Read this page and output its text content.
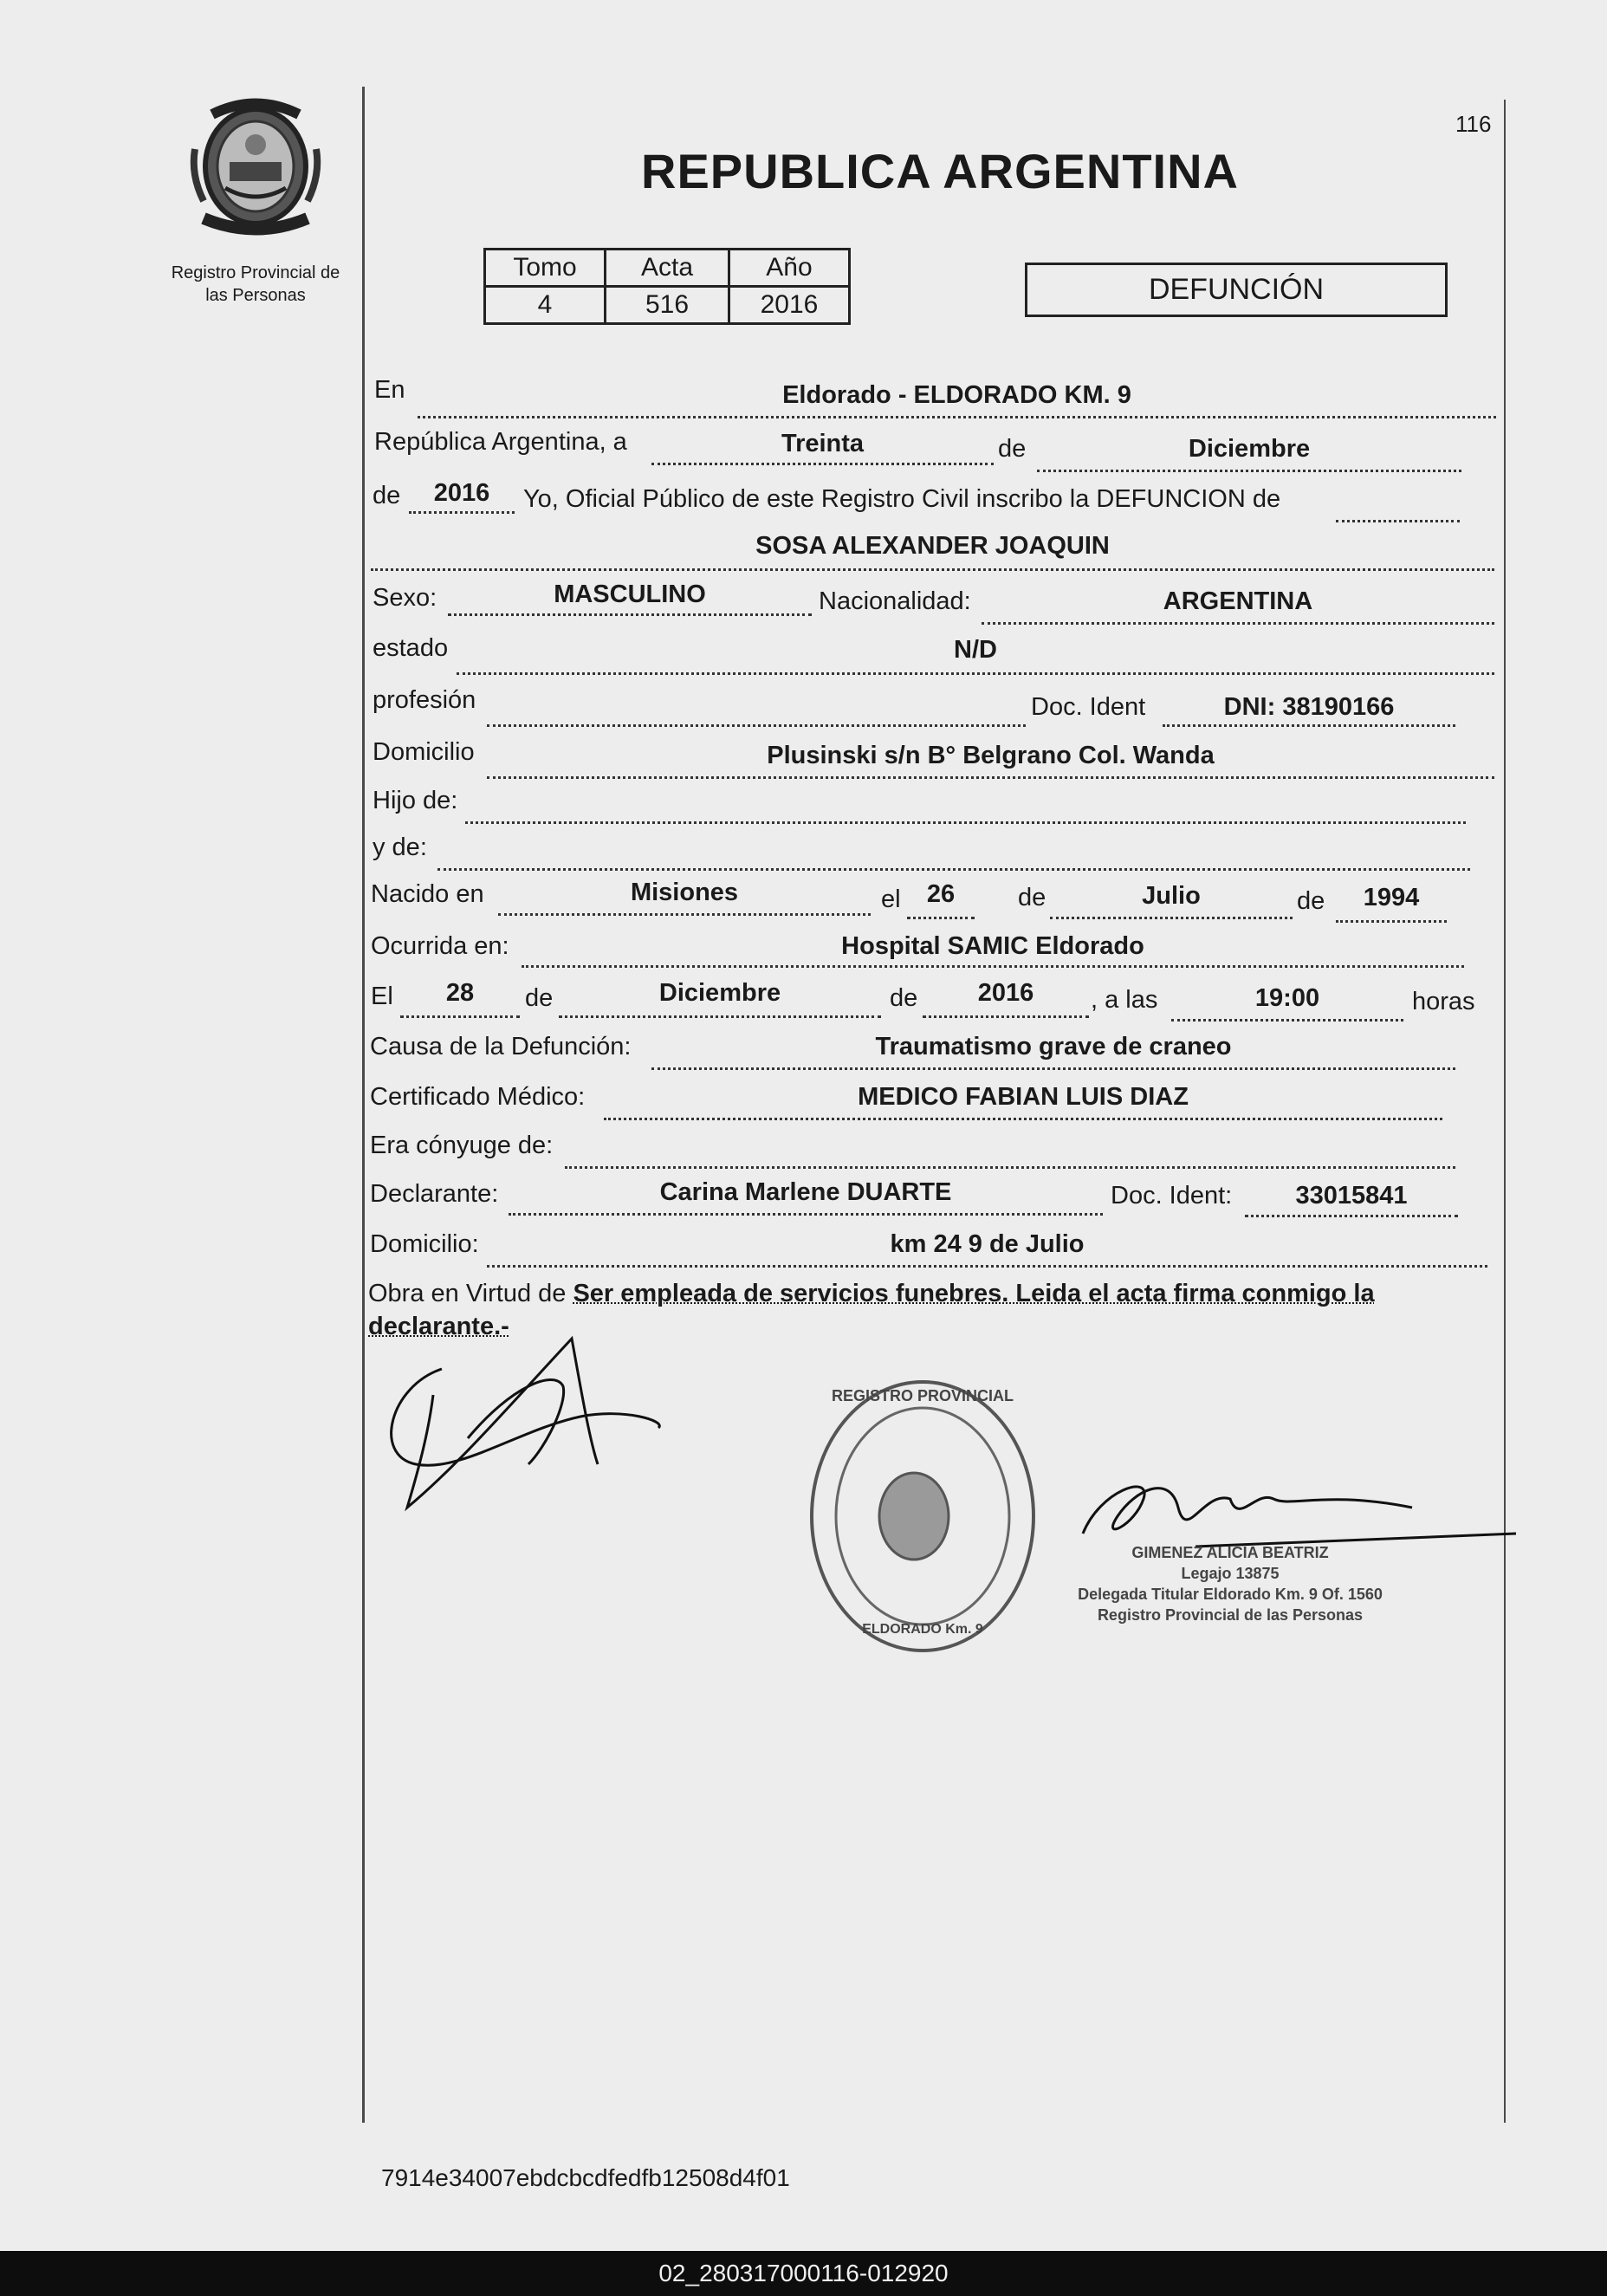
Registro Provincial de
las Personas
116
REPUBLICA ARGENTINA
Tomo	Acta	Año
4	516	2016	DEFUNCIÓN
En	Eldorado - ELDORADO KM. 9
República Argentina, a	Treinta	de	Diciembre
de	2016	Yo, Oficial Público de este Registro Civil inscribo la DEFUNCION de
SOSA ALEXANDER JOAQUIN
Sexo:	MASCULINO	Nacionalidad:	ARGENTINA
estado	N/D
profesión	Doc. Ident	DNI: 38190166
Domicilio	Plusinski s/n B° Belgrano Col. Wanda
Hijo de:
y de:
Nacido en	Misiones	el	26	de	Julio	de	1994
Ocurrida en:	Hospital SAMIC Eldorado
El	28	de	Diciembre	de	2016	, a las	19:00	horas
Causa de la Defunción:	Traumatismo grave de craneo
Certificado Médico:	MEDICO FABIAN LUIS DIAZ
Era cónyuge de:
Declarante:	Carina Marlene DUARTE	Doc. Ident:	33015841
Domicilio:	km 24 9 de Julio
Obra en Virtud de Ser empleada de servicios funebres. Leida el acta firma conmigo la declarante.-
REGISTRO PROVINCIAL
ELDORADO Km. 9
GIMENEZ ALICIA BEATRIZ
Legajo 13875
Delegada Titular Eldorado Km. 9 Of. 1560
Registro Provincial de las Personas
7914e34007ebdcbcdfedfb12508d4f01
02_280317000116-012920
